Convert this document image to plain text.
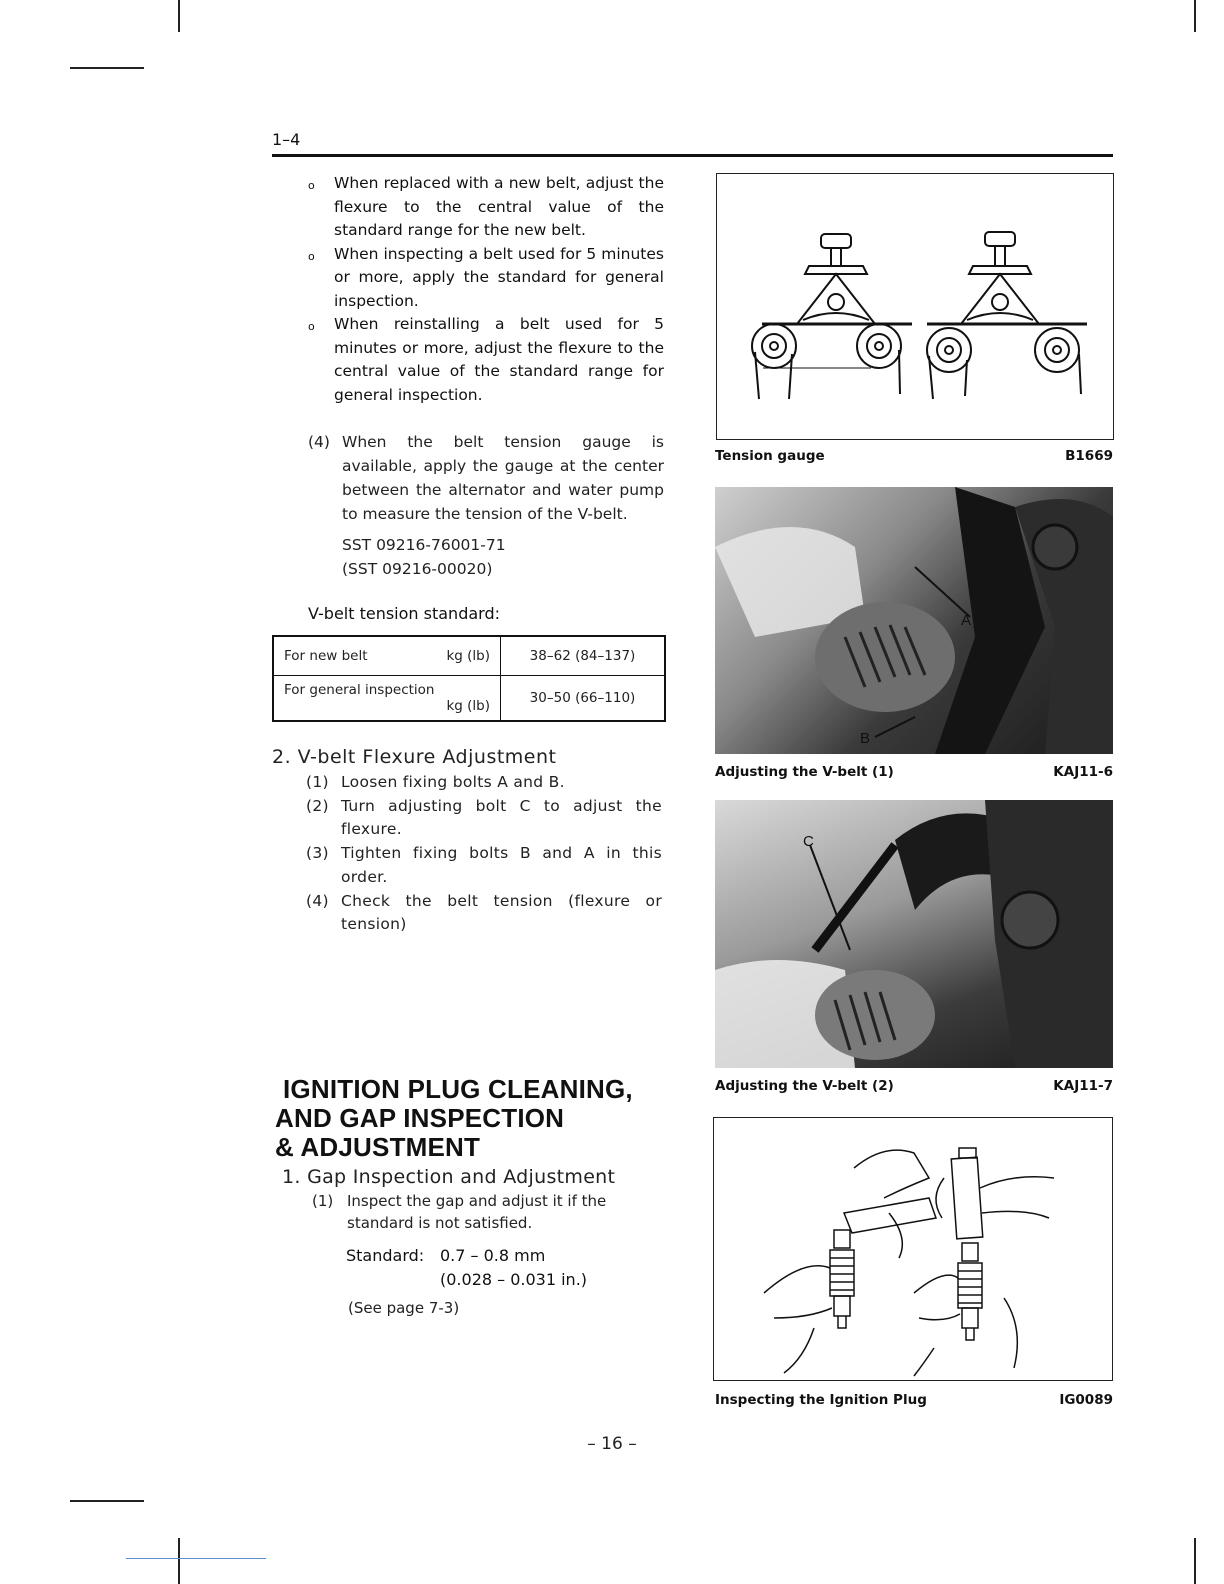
1–4
o	When replaced with a new belt, adjust the flexure to the central value of the standard range for the new belt.
o	When inspecting a belt used for 5 minutes or more, apply the standard for general inspection.
o	When reinstalling a belt used for 5 minutes or more, adjust the flexure to the central value of the standard range for general inspection.
(4) When the belt tension gauge is available, apply the gauge at the center between the alternator and water pump to measure the tension of the V-belt.
SST 09216-76001-71
(SST 09216-00020)
V-belt tension standard:
For new belt kg (lb)	38–62 (84–137)

For general inspection
kg (lb)	30–50 (66–110)
2. V-belt Flexure Adjustment
(1) Loosen fixing bolts A and B.
(2) Turn adjusting bolt C to adjust the flexure.
(3) Tighten fixing bolts B and A in this order.
(4) Check the belt tension (flexure or tension)
IGNITION PLUG CLEANING,
AND GAP INSPECTION
& ADJUSTMENT
1. Gap Inspection and Adjustment
(1) Inspect the gap and adjust it if the standard is not satisfied.
Standard: 0.7 – 0.8 mm
(0.028 – 0.031 in.)
(See page 7-3)
Tension gauge	B1669
A
B
Adjusting the V-belt (1)	KAJ11-6
C
Adjusting the V-belt (2)	KAJ11-7
Inspecting the Ignition Plug	IG0089
– 16 –
